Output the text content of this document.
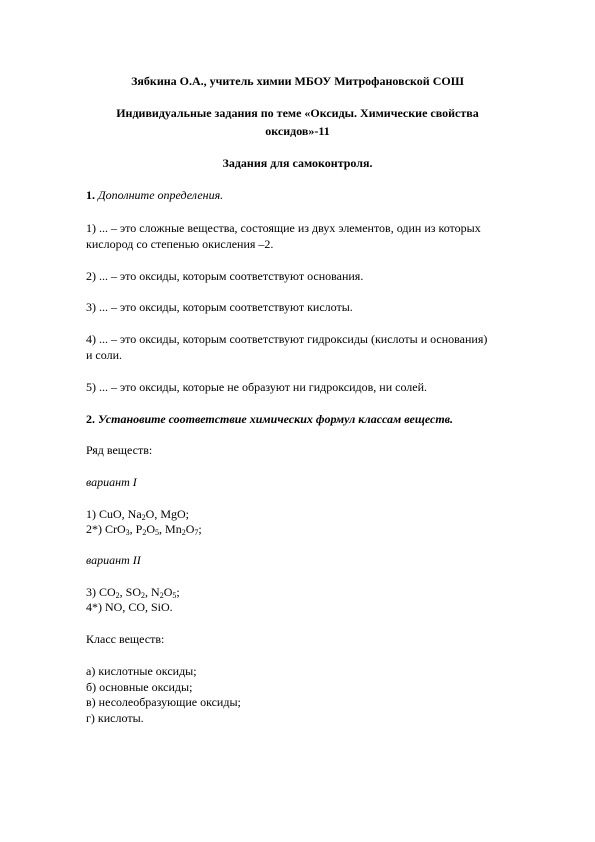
Зябкина О.А., учитель химии МБОУ Митрофановской СОШ

Индивидуальные задания по теме «Оксиды. Химические свойства

оксидов»-11

Задания для самоконтроля.

1. Дополните определения.

1) ... – это сложные вещества, состоящие из двух элементов, один из которых

кислород со степенью окисления –2.

2) ... – это оксиды, которым соответствуют основания.

3) ... – это оксиды, которым соответствуют кислоты.

4) ... – это оксиды, которым соответствуют гидроксиды (кислоты и основания)

и соли.

5) ... – это оксиды, которые не образуют ни гидроксидов, ни солей.

2. Установите соответствие химических формул классам веществ.

Ряд веществ:

вариант I

1) CuO, $Na_2O$, MgO;

2*) CrO$_3$, $P_2O_5$, $Mn_2O_7$;

вариант II

3) $CO_2$, $SO_2$, $N_2O_5$;

4*) NO, CO, SiO.

Класс веществ:

а) кислотные оксиды;

б) основные оксиды;

в) несолеобразующие оксиды;

г) кислоты.
